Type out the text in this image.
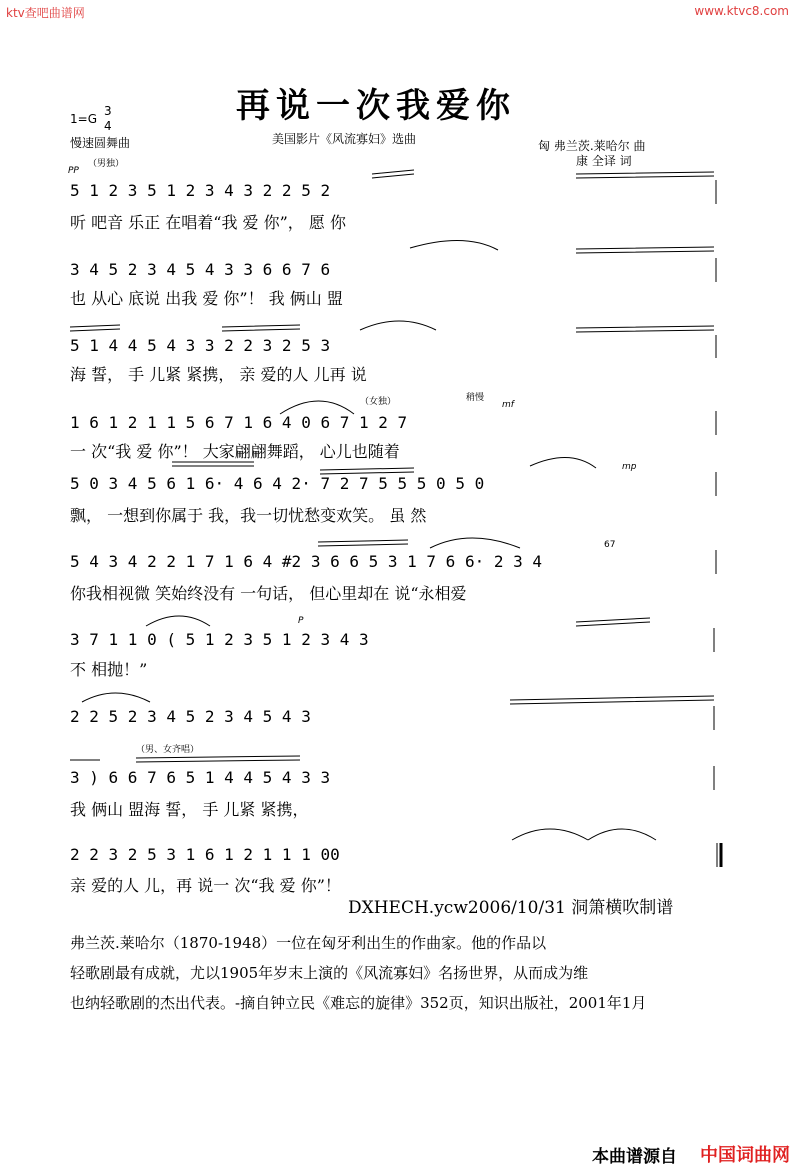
ktv查吧曲谱网	www.ktvc8.com
再说一次我爱你
1=G
3
4
慢速圆舞曲	美国影片《风流寡妇》选曲	匈 弗兰茨.莱哈尔 曲
康 全译 词
PP
（男独）
（女独）	稍慢
mf
mp
67
P
（男、女齐唱）
5 1 2 3 5 1 2 3 4 3 2 2 5 2
听 吧音 乐正 在唱着“我 爱 你”， 愿 你
3 4 5 2 3 4 5 4 3 3 6 6 7 6
也 从心 底说 出我 爱 你”！ 我 俩山 盟
5 1 4 4 5 4 3 3 2 2 3 2 5 3
海 誓， 手 儿紧 紧携， 亲 爱的人 儿再 说
1 6 1 2 1 1 5 6 7 1 6 4 0 6 7 1 2 7
一 次“我 爱 你”！ 大家翩翩舞蹈， 心儿也随着
5 0 3 4 5 6 1 6· 4 6 4 2· 7 2 7 5 5 5 0 5 0
飘， 一想到你属于 我，我一切忧愁变欢笑。 虽 然
5 4 3 4 2 2 1 7 1 6 4 #2 3 6 6 5 3 1 7 6 6· 2 3 4
你我相视微 笑始终没有 一句话， 但心里却在 说“永相爱
3 7 1 1 0 ( 5 1 2 3 5 1 2 3 4 3
不 相抛！”
2 2 5 2 3 4 5 2 3 4 5 4 3
3 ) 6 6 7 6 5 1 4 4 5 4 3 3
我 俩山 盟海 誓， 手 儿紧 紧携，
2 2 3 2 5 3 1 6 1 2 1 1 1 00
亲 爱的人 儿，再 说一 次“我 爱 你”！
DXHECH.ycw2006/10/31 洞箫横吹制谱
弗兰茨.莱哈尔（1870-1948）一位在匈牙利出生的作曲家。他的作品以
轻歌剧最有成就，尤以1905年岁末上演的《风流寡妇》名扬世界，从而成为维
也纳轻歌剧的杰出代表。-摘自钟立民《难忘的旋律》352页，知识出版社，2001年1月
本曲谱源自 中国词曲网
